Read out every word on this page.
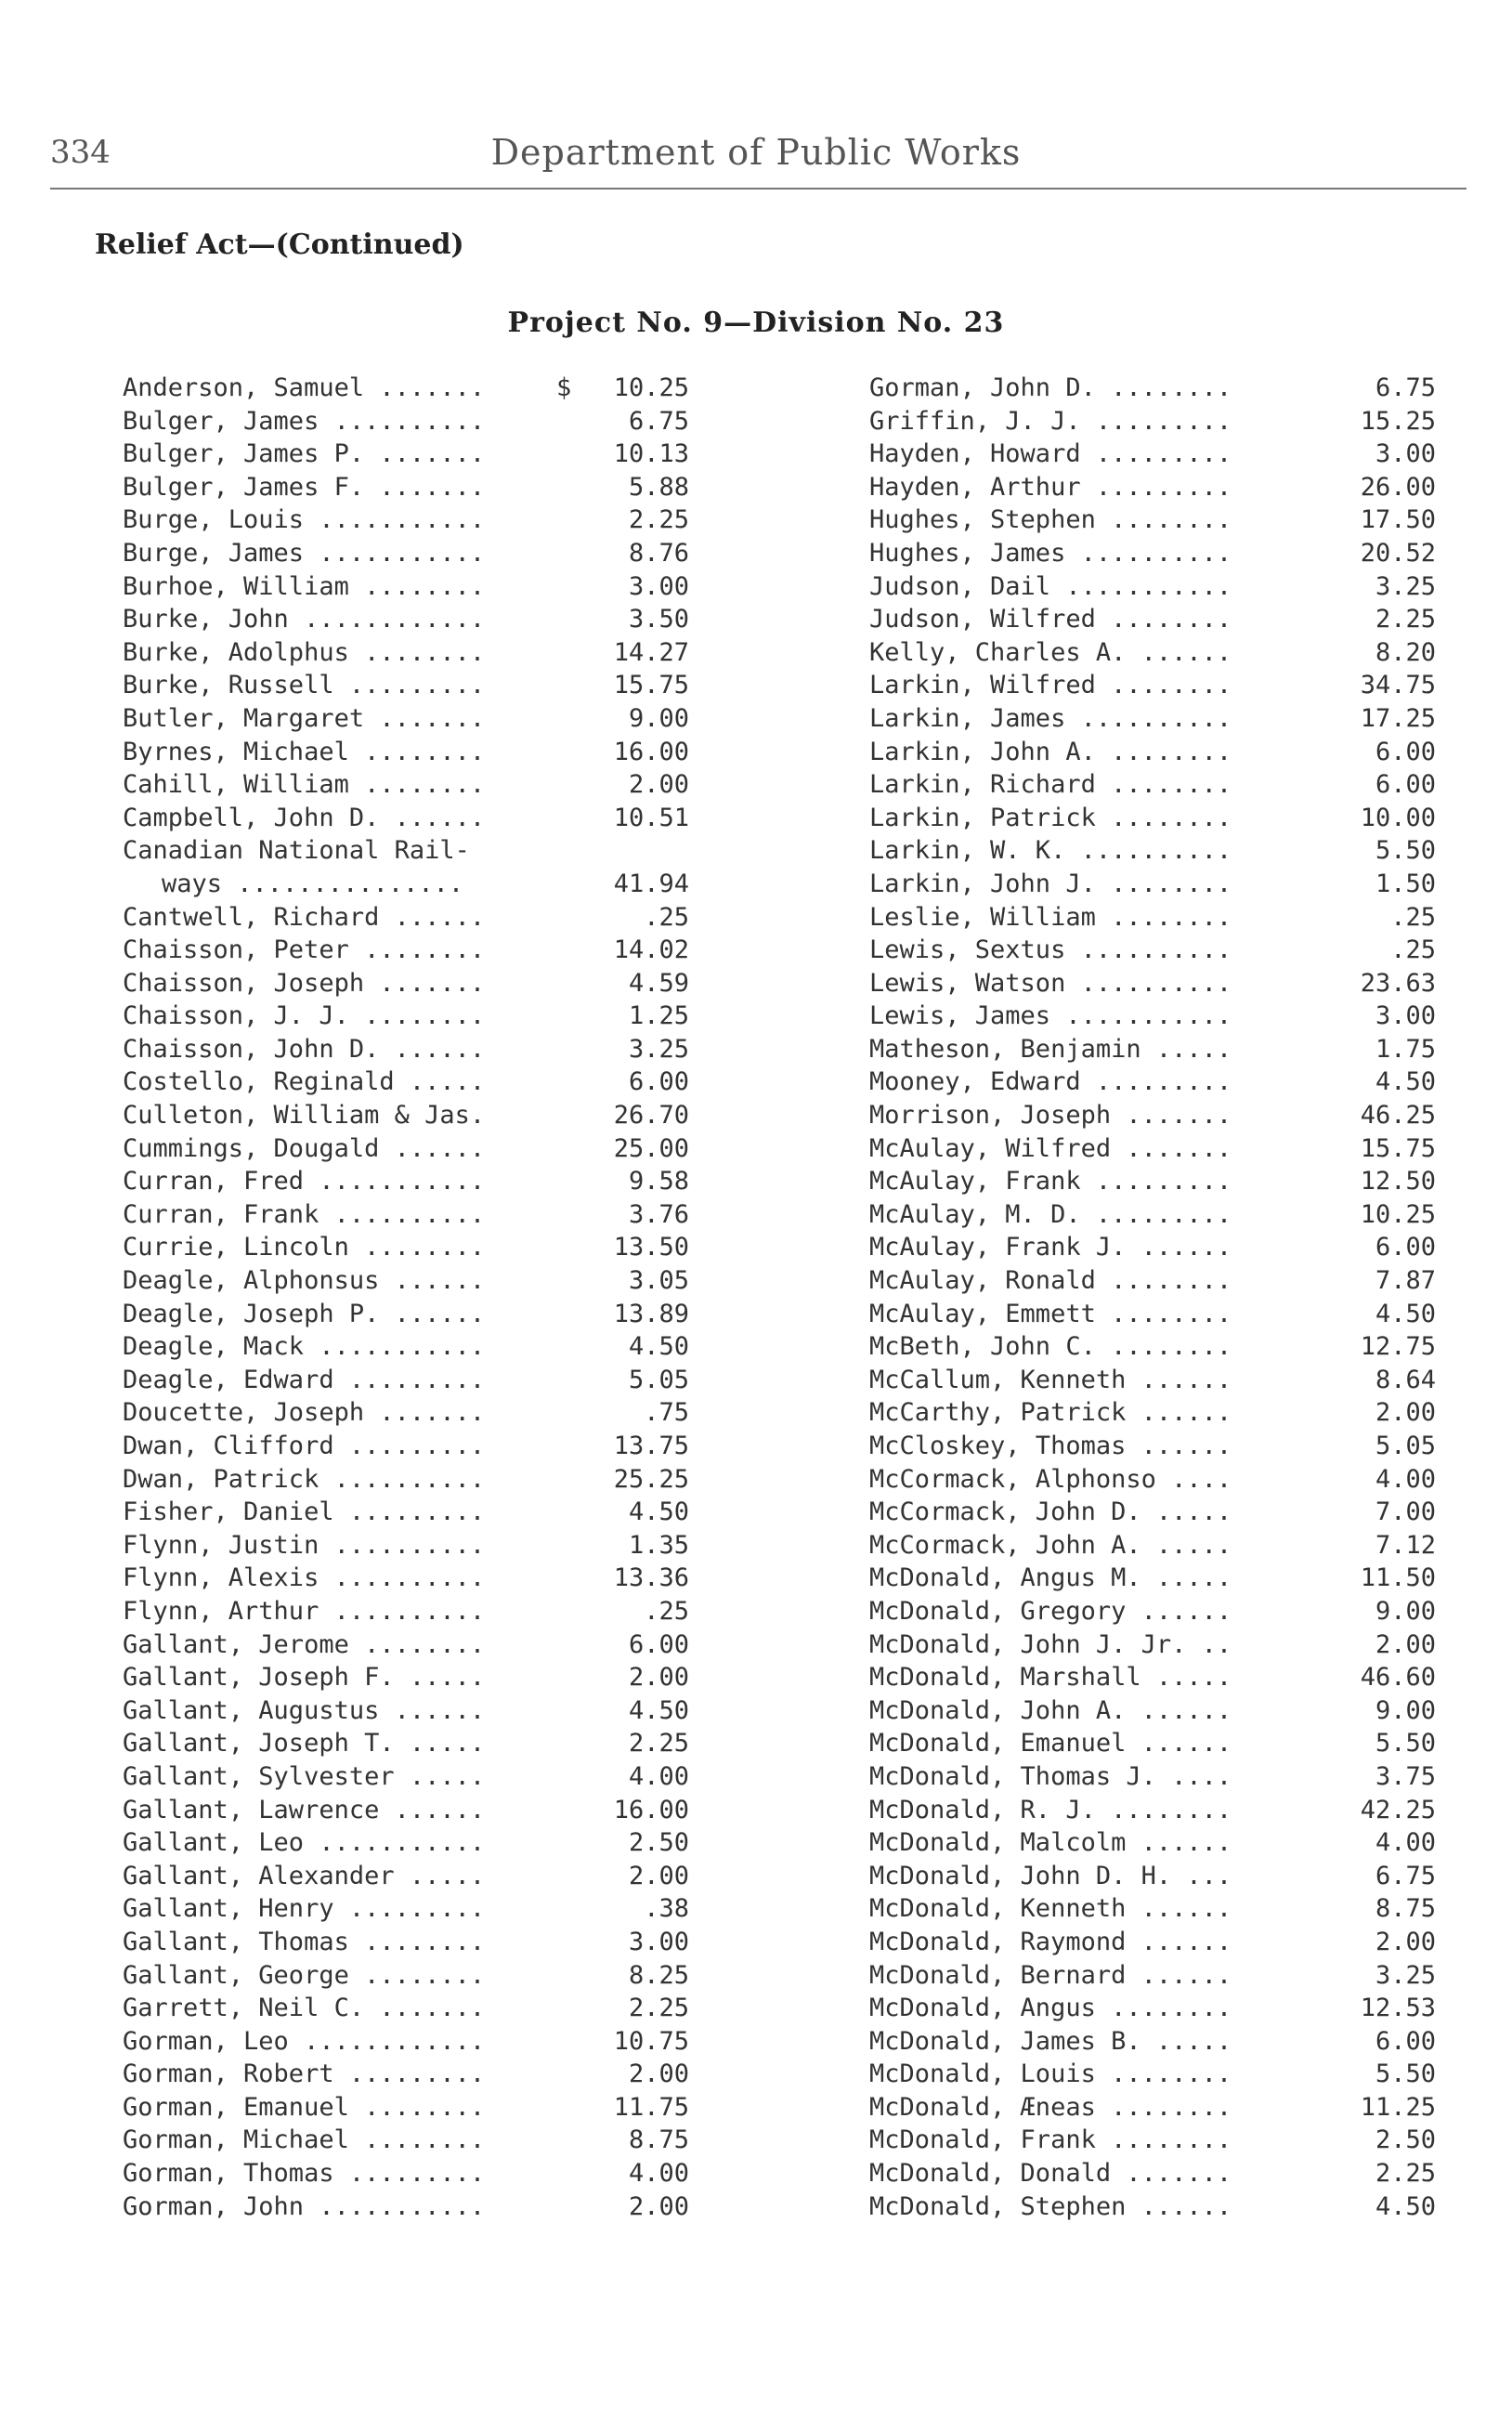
334	Department of Public Works
Relief Act—(Continued)
Project No. 9—Division No. 23
Anderson, Samuel .......	$ 10.25
Bulger, James ..........	6.75
Bulger, James P. .......	10.13
Bulger, James F. .......	5.88
Burge, Louis ...........	2.25
Burge, James ...........	8.76
Burhoe, William ........	3.00
Burke, John ............	3.50
Burke, Adolphus ........	14.27
Burke, Russell .........	15.75
Butler, Margaret .......	9.00
Byrnes, Michael ........	16.00
Cahill, William ........	2.00
Campbell, John D. ......	10.51
Canadian National Rail-
ways ...............	41.94
Cantwell, Richard ......	.25
Chaisson, Peter ........	14.02
Chaisson, Joseph .......	4.59
Chaisson, J. J. ........	1.25
Chaisson, John D. ......	3.25
Costello, Reginald .....	6.00
Culleton, William & Jas.	26.70
Cummings, Dougald ......	25.00
Curran, Fred ...........	9.58
Curran, Frank ..........	3.76
Currie, Lincoln ........	13.50
Deagle, Alphonsus ......	3.05
Deagle, Joseph P. ......	13.89
Deagle, Mack ...........	4.50
Deagle, Edward .........	5.05
Doucette, Joseph .......	.75
Dwan, Clifford .........	13.75
Dwan, Patrick ..........	25.25
Fisher, Daniel .........	4.50
Flynn, Justin ..........	1.35
Flynn, Alexis ..........	13.36
Flynn, Arthur ..........	.25
Gallant, Jerome ........	6.00
Gallant, Joseph F. .....	2.00
Gallant, Augustus ......	4.50
Gallant, Joseph T. .....	2.25
Gallant, Sylvester .....	4.00
Gallant, Lawrence ......	16.00
Gallant, Leo ...........	2.50
Gallant, Alexander .....	2.00
Gallant, Henry .........	.38
Gallant, Thomas ........	3.00
Gallant, George ........	8.25
Garrett, Neil C. .......	2.25
Gorman, Leo ............	10.75
Gorman, Robert .........	2.00
Gorman, Emanuel ........	11.75
Gorman, Michael ........	8.75
Gorman, Thomas .........	4.00
Gorman, John ...........	2.00
Gorman, John D. ........	6.75
Griffin, J. J. .........	15.25
Hayden, Howard .........	3.00
Hayden, Arthur .........	26.00
Hughes, Stephen ........	17.50
Hughes, James ..........	20.52
Judson, Dail ...........	3.25
Judson, Wilfred ........	2.25
Kelly, Charles A. ......	8.20
Larkin, Wilfred ........	34.75
Larkin, James ..........	17.25
Larkin, John A. ........	6.00
Larkin, Richard ........	6.00
Larkin, Patrick ........	10.00
Larkin, W. K. ..........	5.50
Larkin, John J. ........	1.50
Leslie, William ........	.25
Lewis, Sextus ..........	.25
Lewis, Watson ..........	23.63
Lewis, James ...........	3.00
Matheson, Benjamin .....	1.75
Mooney, Edward .........	4.50
Morrison, Joseph .......	46.25
McAulay, Wilfred .......	15.75
McAulay, Frank .........	12.50
McAulay, M. D. .........	10.25
McAulay, Frank J. ......	6.00
McAulay, Ronald ........	7.87
McAulay, Emmett ........	4.50
McBeth, John C. ........	12.75
McCallum, Kenneth ......	8.64
McCarthy, Patrick ......	2.00
McCloskey, Thomas ......	5.05
McCormack, Alphonso ....	4.00
McCormack, John D. .....	7.00
McCormack, John A. .....	7.12
McDonald, Angus M. .....	11.50
McDonald, Gregory ......	9.00
McDonald, John J. Jr. ..	2.00
McDonald, Marshall .....	46.60
McDonald, John A. ......	9.00
McDonald, Emanuel ......	5.50
McDonald, Thomas J. ....	3.75
McDonald, R. J. ........	42.25
McDonald, Malcolm ......	4.00
McDonald, John D. H. ...	6.75
McDonald, Kenneth ......	8.75
McDonald, Raymond ......	2.00
McDonald, Bernard ......	3.25
McDonald, Angus ........	12.53
McDonald, James B. .....	6.00
McDonald, Louis ........	5.50
McDonald, Æneas ........	11.25
McDonald, Frank ........	2.50
McDonald, Donald .......	2.25
McDonald, Stephen ......	4.50
